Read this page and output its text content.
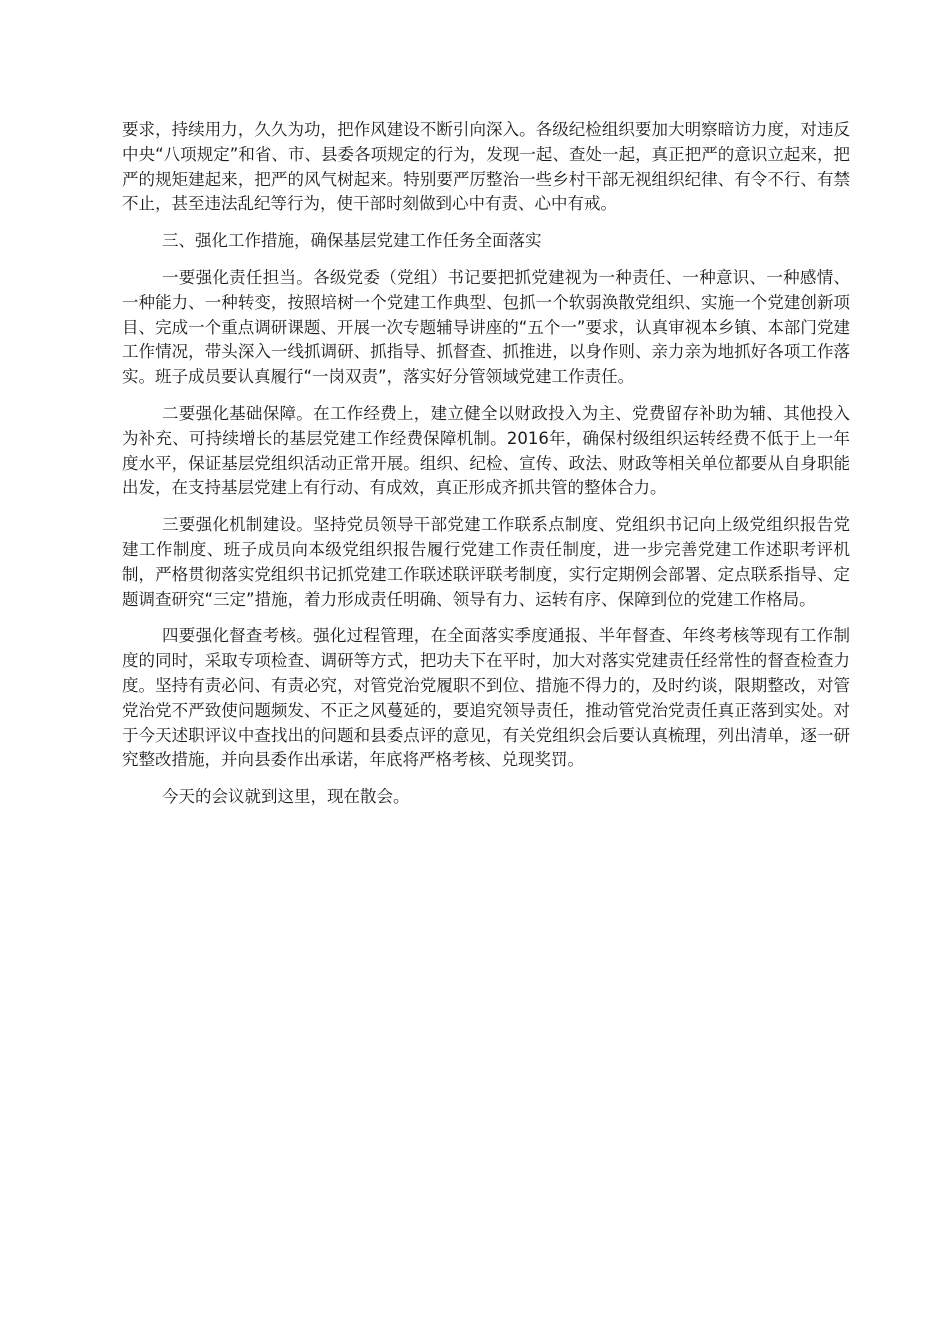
要求，持续用力，久久为功，把作风建设不断引向深入。各级纪检组织要加大明察暗访力度，对违反中央“八项规定”和省、市、县委各项规定的行为，发现一起、查处一起，真正把严的意识立起来，把严的规矩建起来，把严的风气树起来。特别要严厉整治一些乡村干部无视组织纪律、有令不行、有禁不止，甚至违法乱纪等行为，使干部时刻做到心中有责、心中有戒。

三、强化工作措施，确保基层党建工作任务全面落实

一要强化责任担当。各级党委（党组）书记要把抓党建视为一种责任、一种意识、一种感情、一种能力、一种转变，按照培树一个党建工作典型、包抓一个软弱涣散党组织、实施一个党建创新项目、完成一个重点调研课题、开展一次专题辅导讲座的“五个一”要求，认真审视本乡镇、本部门党建工作情况，带头深入一线抓调研、抓指导、抓督查、抓推进，以身作则、亲力亲为地抓好各项工作落实。班子成员要认真履行“一岗双责”，落实好分管领域党建工作责任。

二要强化基础保障。在工作经费上，建立健全以财政投入为主、党费留存补助为辅、其他投入为补充、可持续增长的基层党建工作经费保障机制。2016年，确保村级组织运转经费不低于上一年度水平，保证基层党组织活动正常开展。组织、纪检、宣传、政法、财政等相关单位都要从自身职能出发，在支持基层党建上有行动、有成效，真正形成齐抓共管的整体合力。

三要强化机制建设。坚持党员领导干部党建工作联系点制度、党组织书记向上级党组织报告党建工作制度、班子成员向本级党组织报告履行党建工作责任制度，进一步完善党建工作述职考评机制，严格贯彻落实党组织书记抓党建工作联述联评联考制度，实行定期例会部署、定点联系指导、定题调查研究“三定”措施，着力形成责任明确、领导有力、运转有序、保障到位的党建工作格局。

四要强化督查考核。强化过程管理，在全面落实季度通报、半年督查、年终考核等现有工作制度的同时，采取专项检查、调研等方式，把功夫下在平时，加大对落实党建责任经常性的督查检查力度。坚持有责必问、有责必究，对管党治党履职不到位、措施不得力的，及时约谈，限期整改，对管党治党不严致使问题频发、不正之风蔓延的，要追究领导责任，推动管党治党责任真正落到实处。对于今天述职评议中查找出的问题和县委点评的意见，有关党组织会后要认真梳理，列出清单，逐一研究整改措施，并向县委作出承诺，年底将严格考核、兑现奖罚。

今天的会议就到这里，现在散会。
